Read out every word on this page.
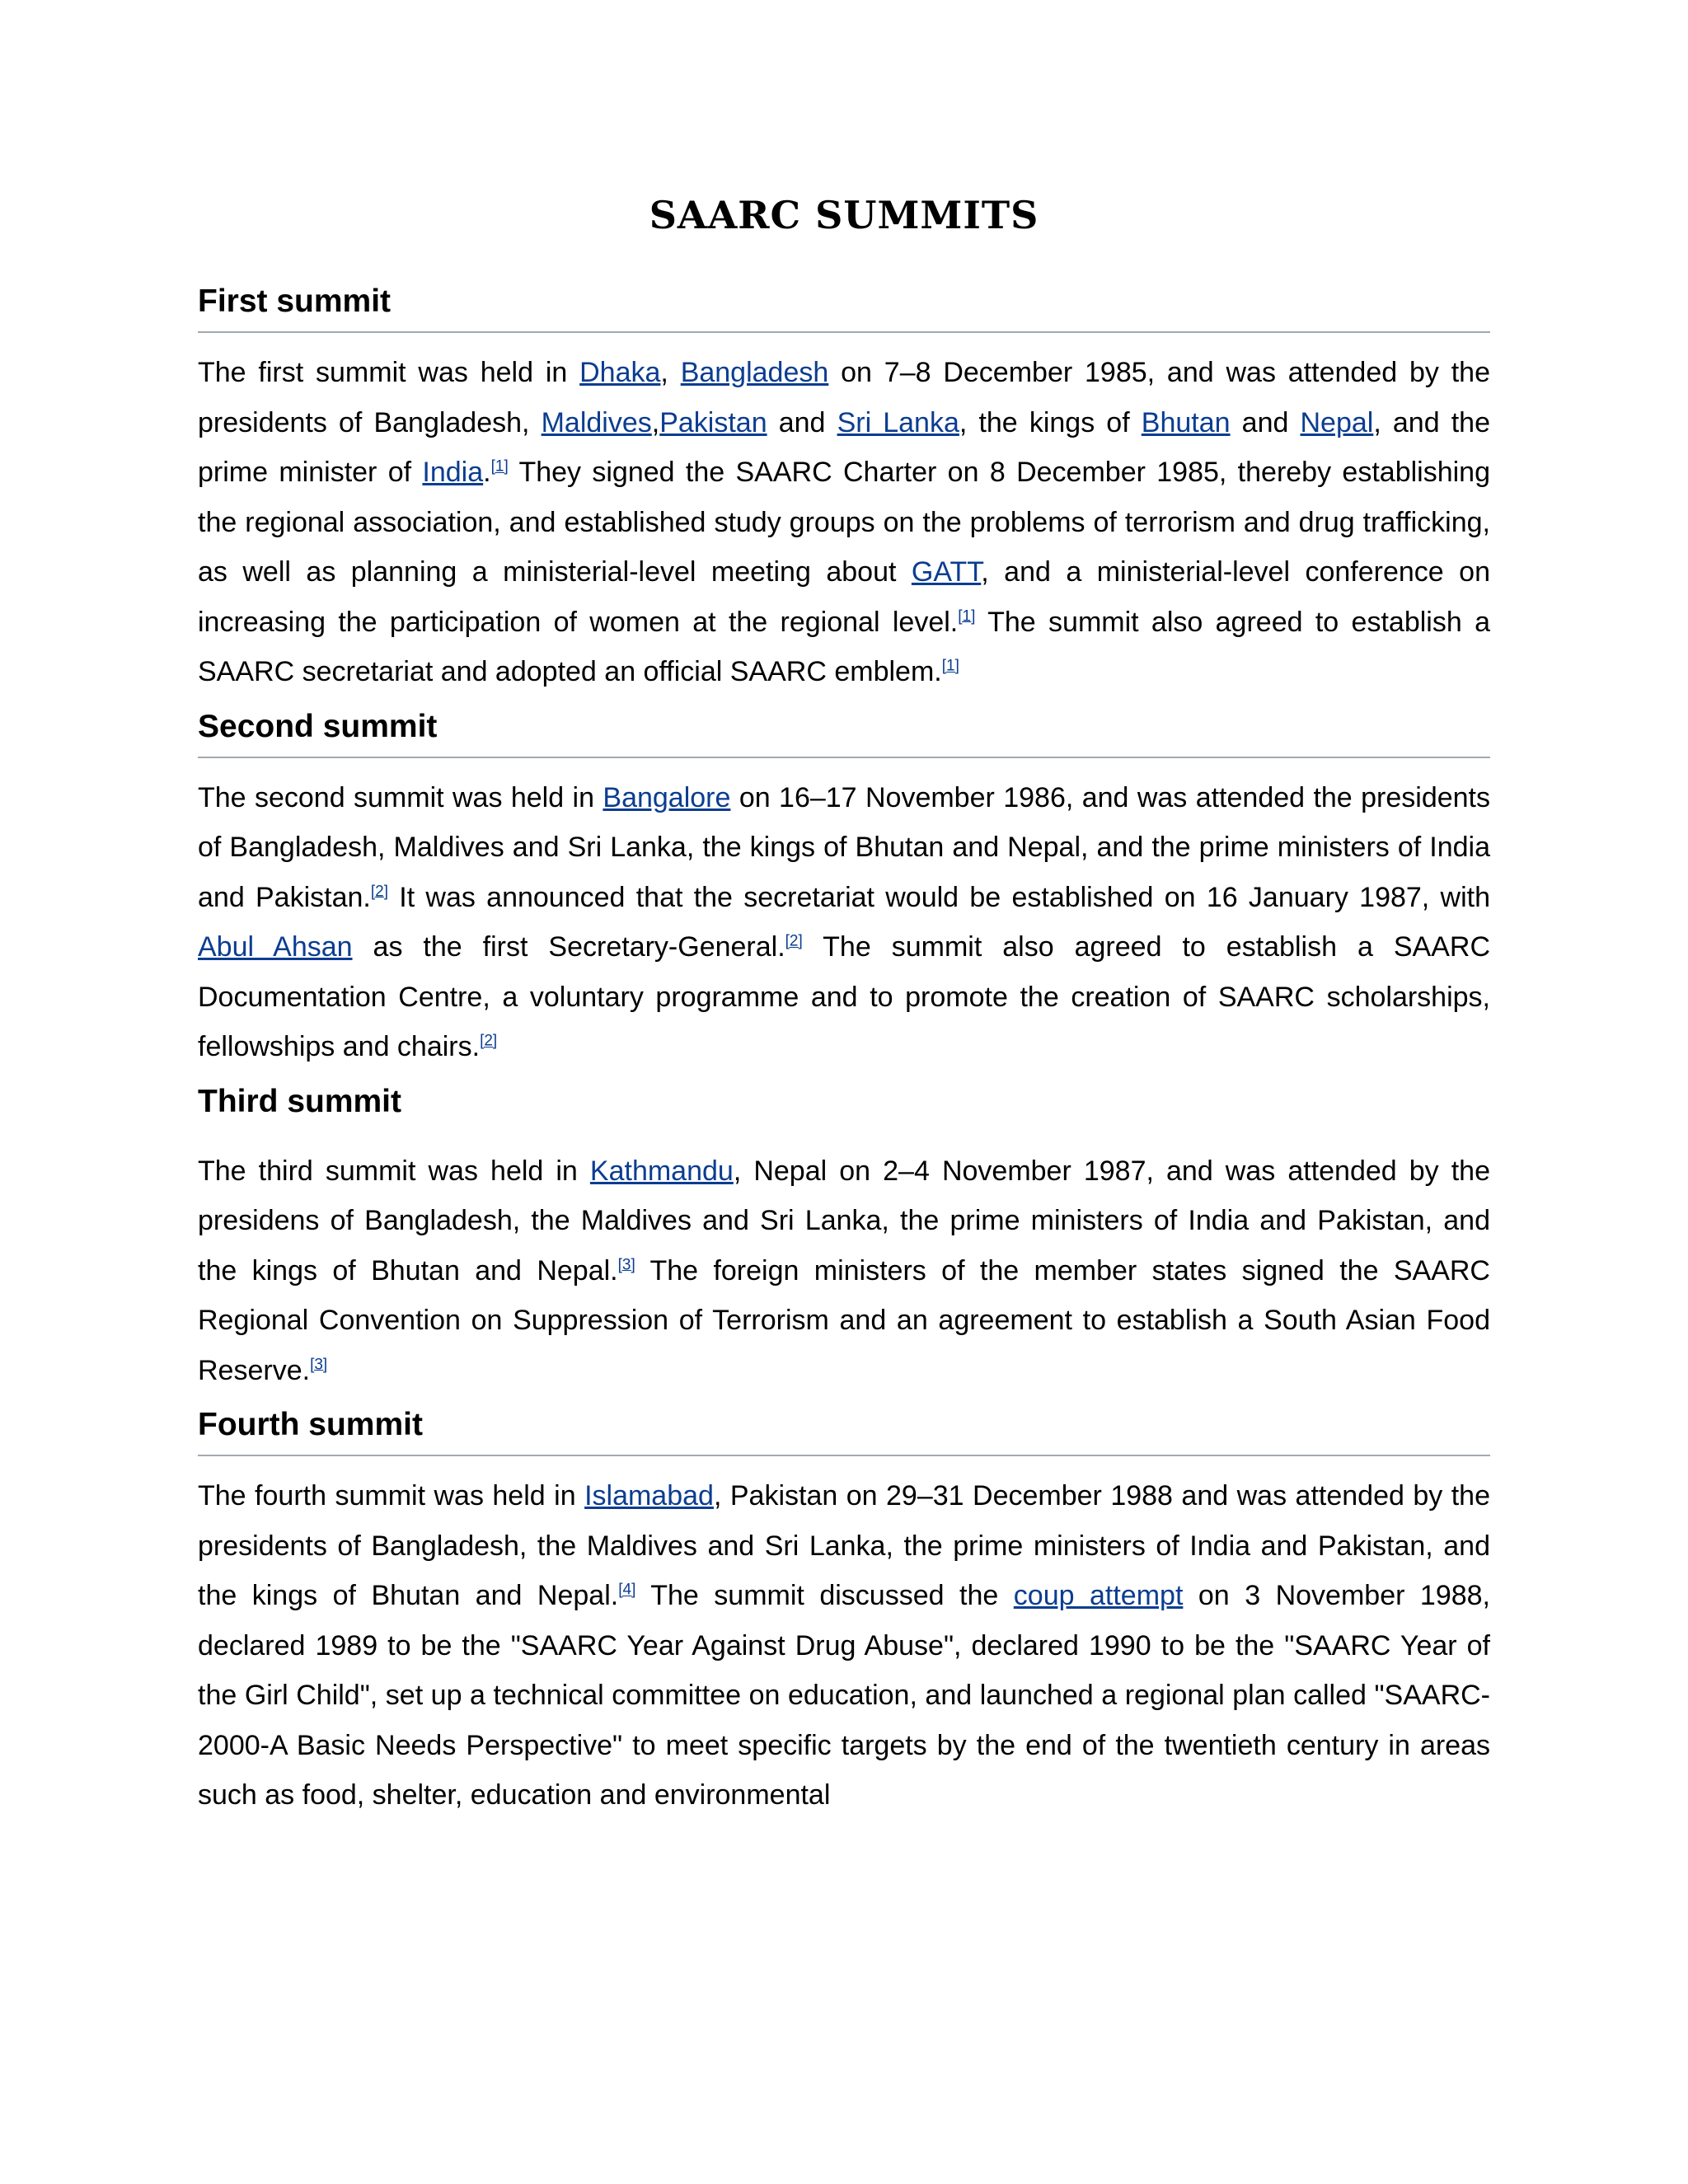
SAARC SUMMITS
First summit

The first summit was held in Dhaka, Bangladesh on 7–8 December 1985, and was attended by the presidents of Bangladesh, Maldives,Pakistan and Sri Lanka, the kings of Bhutan and Nepal, and the prime minister of India.[1] They signed the SAARC Charter on 8 December 1985, thereby establishing the regional association, and established study groups on the problems of terrorism and drug trafficking, as well as planning a ministerial-level meeting about GATT, and a ministerial-level conference on increasing the participation of women at the regional level.[1] The summit also agreed to establish a SAARC secretariat and adopted an official SAARC emblem.[1]

Second summit

The second summit was held in Bangalore on 16–17 November 1986, and was attended the presidents of Bangladesh, Maldives and Sri Lanka, the kings of Bhutan and Nepal, and the prime ministers of India and Pakistan.[2] It was announced that the secretariat would be established on 16 January 1987, with Abul Ahsan as the first Secretary-General.[2] The summit also agreed to establish a SAARC Documentation Centre, a voluntary programme and to promote the creation of SAARC scholarships, fellowships and chairs.[2]

Third summit

The third summit was held in Kathmandu, Nepal on 2–4 November 1987, and was attended by the presidens of Bangladesh, the Maldives and Sri Lanka, the prime ministers of India and Pakistan, and the kings of Bhutan and Nepal.[3] The foreign ministers of the member states signed the SAARC Regional Convention on Suppression of Terrorism and an agreement to establish a South Asian Food Reserve.[3]

Fourth summit

The fourth summit was held in Islamabad, Pakistan on 29–31 December 1988 and was attended by the presidents of Bangladesh, the Maldives and Sri Lanka, the prime ministers of India and Pakistan, and the kings of Bhutan and Nepal.[4] The summit discussed the coup attempt on 3 November 1988, declared 1989 to be the "SAARC Year Against Drug Abuse", declared 1990 to be the "SAARC Year of the Girl Child", set up a technical committee on education, and launched a regional plan called "SAARC-2000-A Basic Needs Perspective" to meet specific targets by the end of the twentieth century in areas such as food, shelter, education and environmental
